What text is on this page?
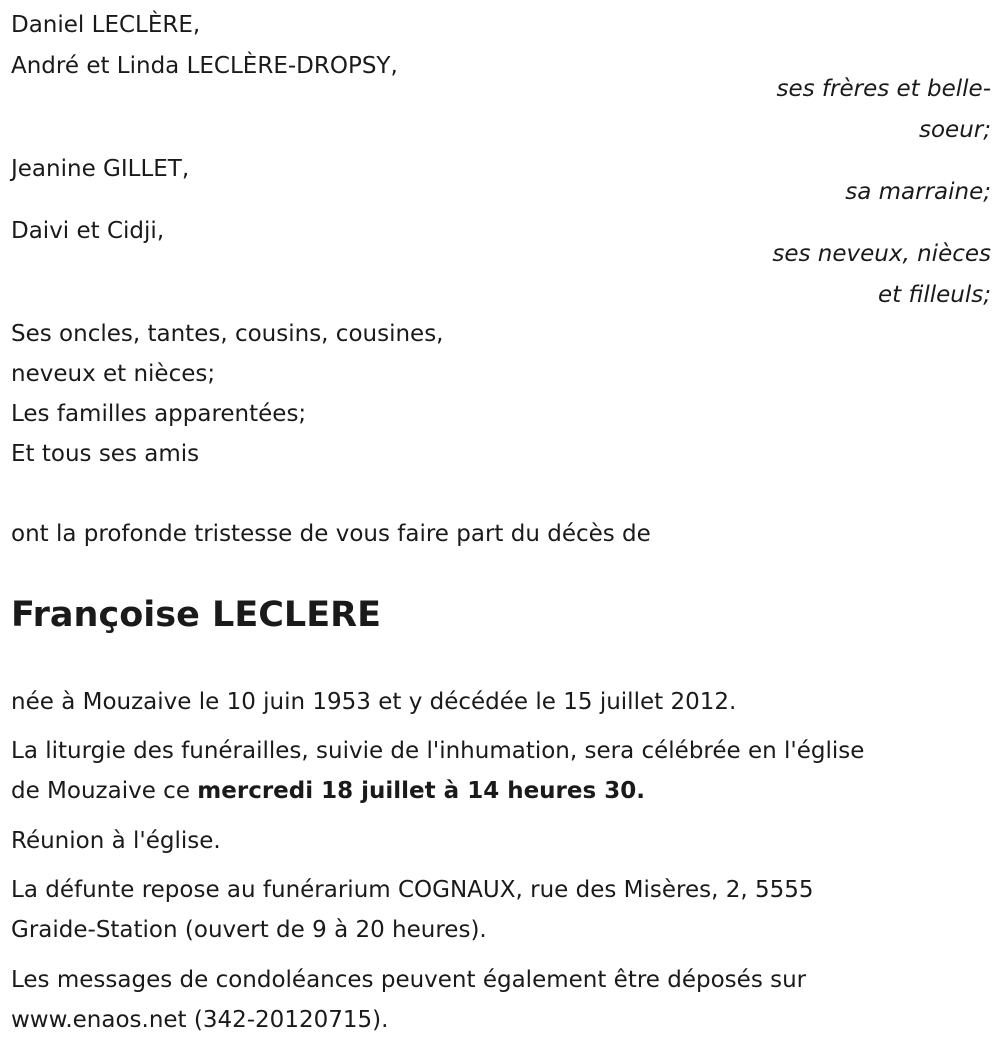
Daniel LECLÈRE,
André et Linda LECLÈRE-DROPSY,
ses frères et belle-
soeur;
Jeanine GILLET,
sa marraine;
Daivi et Cidji,
ses neveux, nièces
et filleuls;
Ses oncles, tantes, cousins, cousines,
neveux et nièces;
Les familles apparentées;
Et tous ses amis
ont la profonde tristesse de vous faire part du décès de
Françoise LECLERE
née à Mouzaive le 10 juin 1953 et y décédée le 15 juillet 2012.
La liturgie des funérailles, suivie de l'inhumation, sera célébrée en l'église
de Mouzaive ce mercredi 18 juillet à 14 heures 30.
Réunion à l'église.
La défunte repose au funérarium COGNAUX, rue des Misères, 2, 5555
Graide-Station (ouvert de 9 à 20 heures).
Les messages de condoléances peuvent également être déposés sur
www.enaos.net (342-20120715).
